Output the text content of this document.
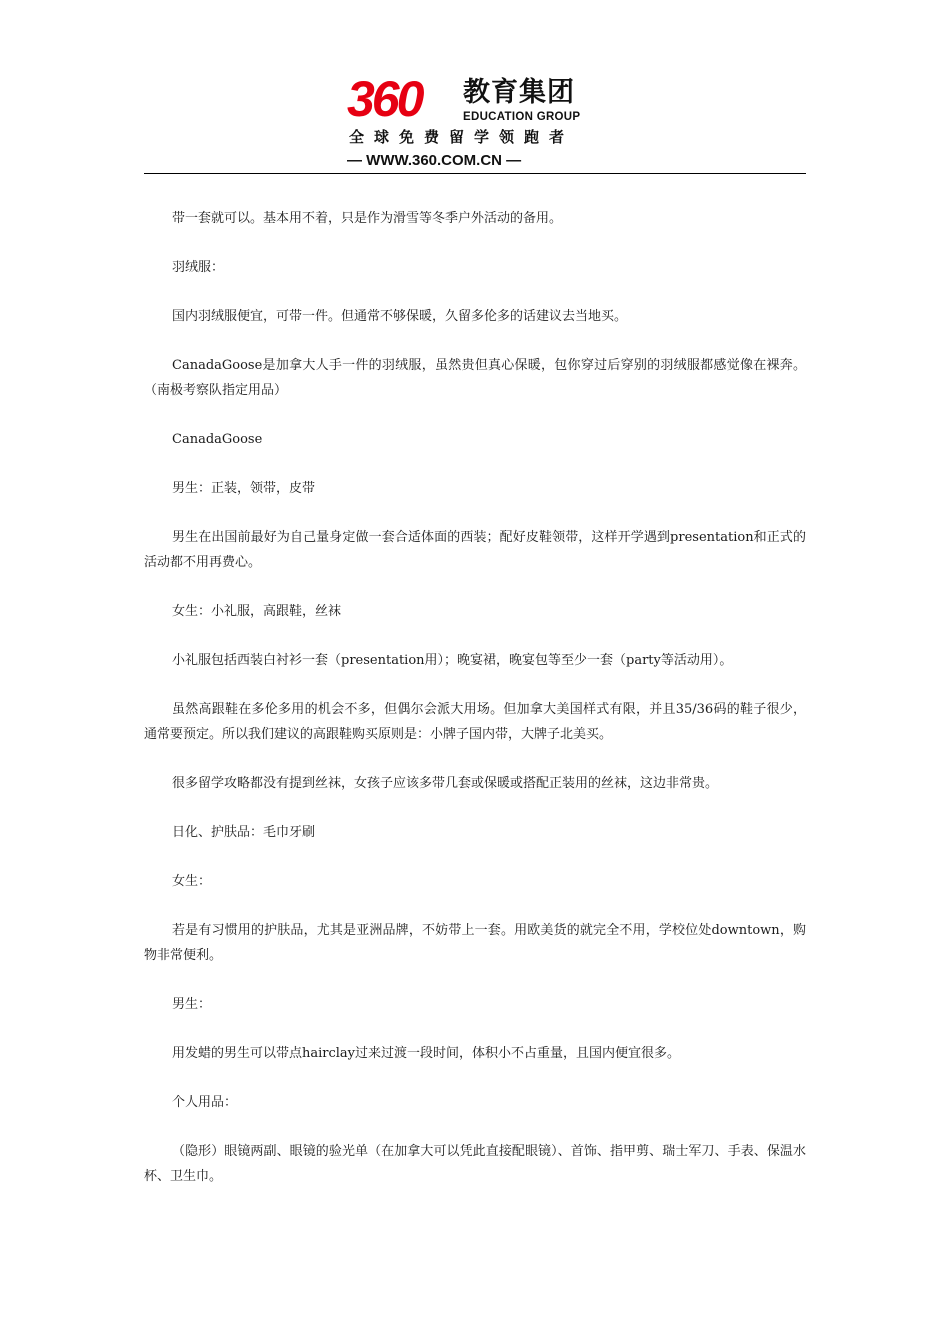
360 教育集团
EDUCATION GROUP
全球免费留学领跑者
— WWW.360.COM.CN —

带一套就可以。基本用不着，只是作为滑雪等冬季户外活动的备用。

羽绒服：

国内羽绒服便宜，可带一件。但通常不够保暖，久留多伦多的话建议去当地买。

CanadaGoose是加拿大人手一件的羽绒服，虽然贵但真心保暖，包你穿过后穿别的羽绒服都感觉像在裸奔。（南极考察队指定用品）

CanadaGoose

男生：正装，领带，皮带

男生在出国前最好为自己量身定做一套合适体面的西装；配好皮鞋领带，这样开学遇到presentation和正式的活动都不用再费心。

女生：小礼服，高跟鞋，丝袜

小礼服包括西装白衬衫一套（presentation用）；晚宴裙，晚宴包等至少一套（party等活动用）。

虽然高跟鞋在多伦多用的机会不多，但偶尔会派大用场。但加拿大美国样式有限，并且35/36码的鞋子很少，通常要预定。所以我们建议的高跟鞋购买原则是：小牌子国内带，大牌子北美买。

很多留学攻略都没有提到丝袜，女孩子应该多带几套或保暖或搭配正装用的丝袜，这边非常贵。

日化、护肤品：毛巾牙刷

女生：

若是有习惯用的护肤品，尤其是亚洲品牌，不妨带上一套。用欧美货的就完全不用，学校位处downtown，购物非常便利。

男生：

用发蜡的男生可以带点hairclay过来过渡一段时间，体积小不占重量，且国内便宜很多。

个人用品：

（隐形）眼镜两副、眼镜的验光单（在加拿大可以凭此直接配眼镜）、首饰、指甲剪、瑞士军刀、手表、保温水杯、卫生巾。
